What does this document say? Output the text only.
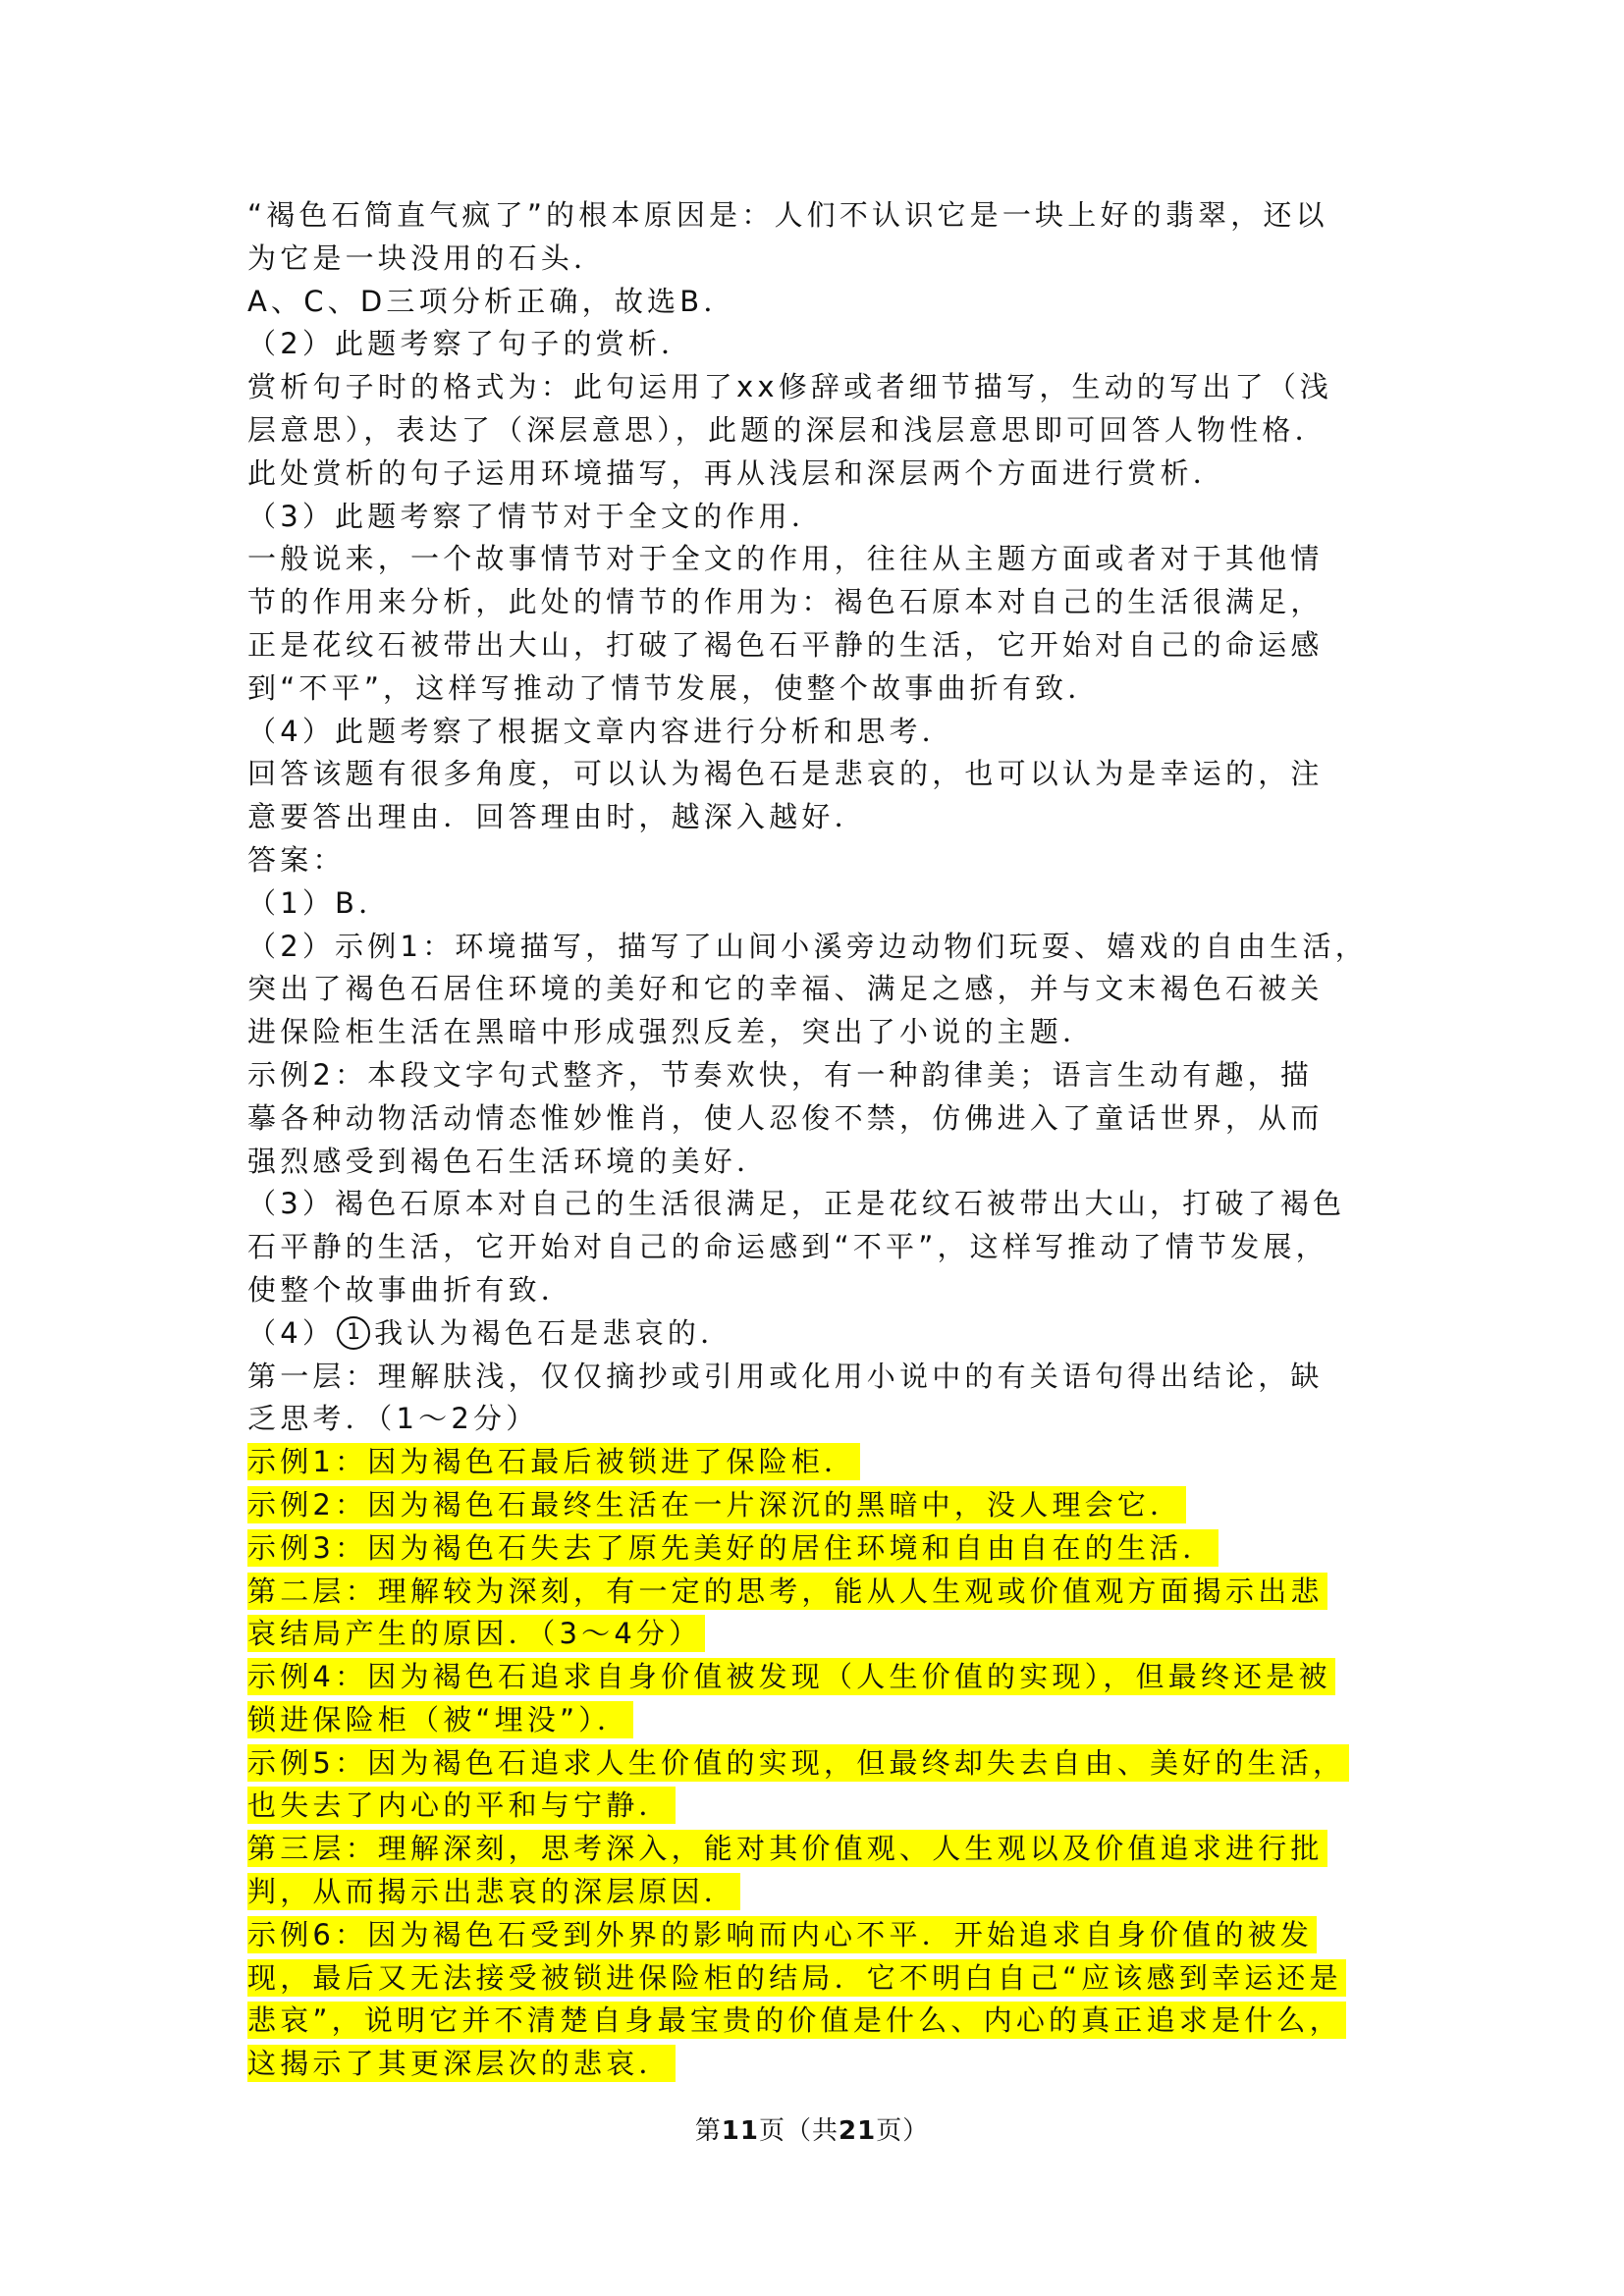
“褐色石简直气疯了”的根本原因是：人们不认识它是一块上好的翡翠，还以
为它是一块没用的石头．
A、C、D三项分析正确，故选B．
（2）此题考察了句子的赏析．
赏析句子时的格式为：此句运用了xx修辞或者细节描写，生动的写出了（浅
层意思），表达了（深层意思），此题的深层和浅层意思即可回答人物性格．
此处赏析的句子运用环境描写，再从浅层和深层两个方面进行赏析．
（3）此题考察了情节对于全文的作用．
一般说来，一个故事情节对于全文的作用，往往从主题方面或者对于其他情
节的作用来分析，此处的情节的作用为：褐色石原本对自己的生活很满足，
正是花纹石被带出大山，打破了褐色石平静的生活，它开始对自己的命运感
到“不平”，这样写推动了情节发展，使整个故事曲折有致．
（4）此题考察了根据文章内容进行分析和思考．
回答该题有很多角度，可以认为褐色石是悲哀的，也可以认为是幸运的，注
意要答出理由．回答理由时，越深入越好．
答案：
（1）B．
（2）示例1：环境描写，描写了山间小溪旁边动物们玩耍、嬉戏的自由生活，
突出了褐色石居住环境的美好和它的幸福、满足之感，并与文末褐色石被关
进保险柜生活在黑暗中形成强烈反差，突出了小说的主题．
示例2：本段文字句式整齐，节奏欢快，有一种韵律美；语言生动有趣，描
摹各种动物活动情态惟妙惟肖，使人忍俊不禁，仿佛进入了童话世界，从而
强烈感受到褐色石生活环境的美好．
（3）褐色石原本对自己的生活很满足，正是花纹石被带出大山，打破了褐色
石平静的生活，它开始对自己的命运感到“不平”，这样写推动了情节发展，
使整个故事曲折有致．
（4） 1 我认为褐色石是悲哀的．
第一层：理解肤浅，仅仅摘抄或引用或化用小说中的有关语句得出结论，缺
乏思考．（1～2分）
示例1：因为褐色石最后被锁进了保险柜．
示例2：因为褐色石最终生活在一片深沉的黑暗中，没人理会它．
示例3：因为褐色石失去了原先美好的居住环境和自由自在的生活．
第二层：理解较为深刻，有一定的思考，能从人生观或价值观方面揭示出悲
哀结局产生的原因．（3～4分）
示例4：因为褐色石追求自身价值被发现（人生价值的实现），但最终还是被
锁进保险柜（被“埋没”）．
示例5：因为褐色石追求人生价值的实现，但最终却失去自由、美好的生活，
也失去了内心的平和与宁静．
第三层：理解深刻，思考深入，能对其价值观、人生观以及价值追求进行批
判，从而揭示出悲哀的深层原因．
示例6：因为褐色石受到外界的影响而内心不平．开始追求自身价值的被发
现，最后又无法接受被锁进保险柜的结局．它不明白自己“应该感到幸运还是
悲哀”，说明它并不清楚自身最宝贵的价值是什么、内心的真正追求是什么，
这揭示了其更深层次的悲哀．
第11页（共21页）
